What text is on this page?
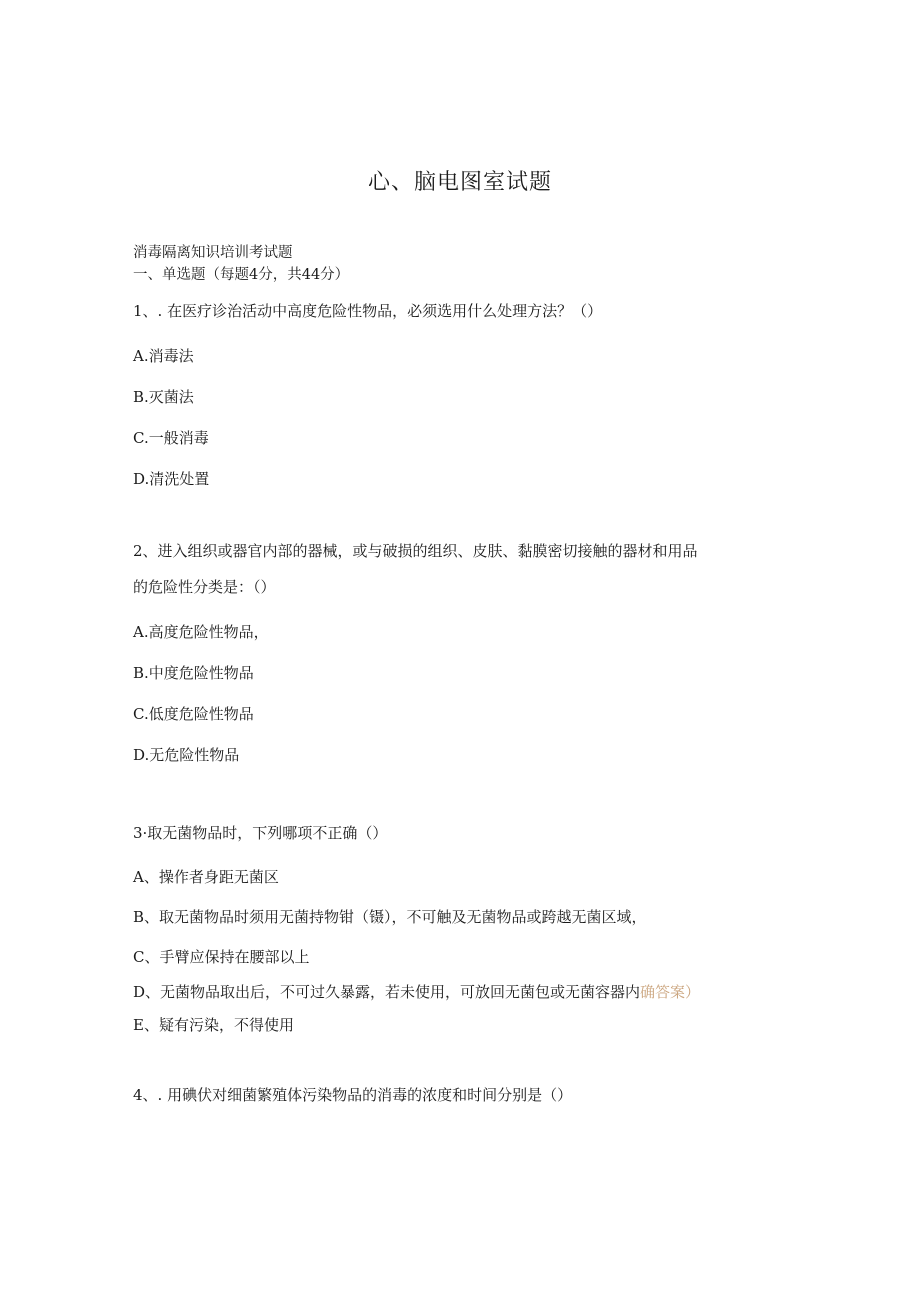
心、脑电图室试题
消毒隔离知识培训考试题
一、单选题（每题4分，共44分）
1、. 在医疗诊治活动中高度危险性物品，必须选用什么处理方法？（）
A.消毒法
B.灭菌法
C.一般消毒
D.清洗处置
2、进入组织或器官内部的器械，或与破损的组织、皮肤、黏膜密切接触的器材和用品
的危险性分类是：（）
A.高度危险性物品，
B.中度危险性物品
C.低度危险性物品
D.无危险性物品
3·取无菌物品时，下列哪项不正确（）
A、操作者身距无菌区
B、取无菌物品时须用无菌持物钳（镊），不可触及无菌物品或跨越无菌区域，
C、手臂应保持在腰部以上
D、无菌物品取出后，不可过久暴露，若未使用，可放回无菌包或无菌容器内确答案）
E、疑有污染，不得使用
4、. 用碘伏对细菌繁殖体污染物品的消毒的浓度和时间分别是（）
